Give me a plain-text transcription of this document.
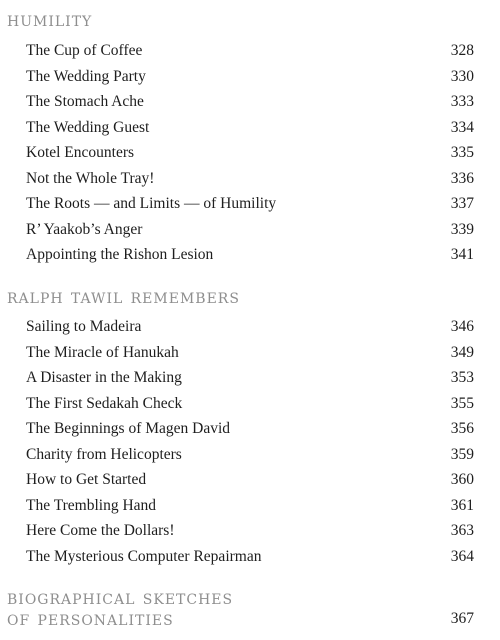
humility
The Cup of Coffee	328
The Wedding Party	330
The Stomach Ache	333
The Wedding Guest	334
Kotel Encounters	335
Not the Whole Tray!	336
The Roots — and Limits — of Humility	337
R’ Yaakob’s Anger	339
Appointing the Rishon Lesion	341
ralph tawil remembers
Sailing to Madeira	346
The Miracle of Hanukah	349
A Disaster in the Making	353
The First Sedakah Check	355
The Beginnings of Magen David	356
Charity from Helicopters	359
How to Get Started	360
The Trembling Hand	361
Here Come the Dollars!	363
The Mysterious Computer Repairman	364
biographical sketches
of personalities	367
